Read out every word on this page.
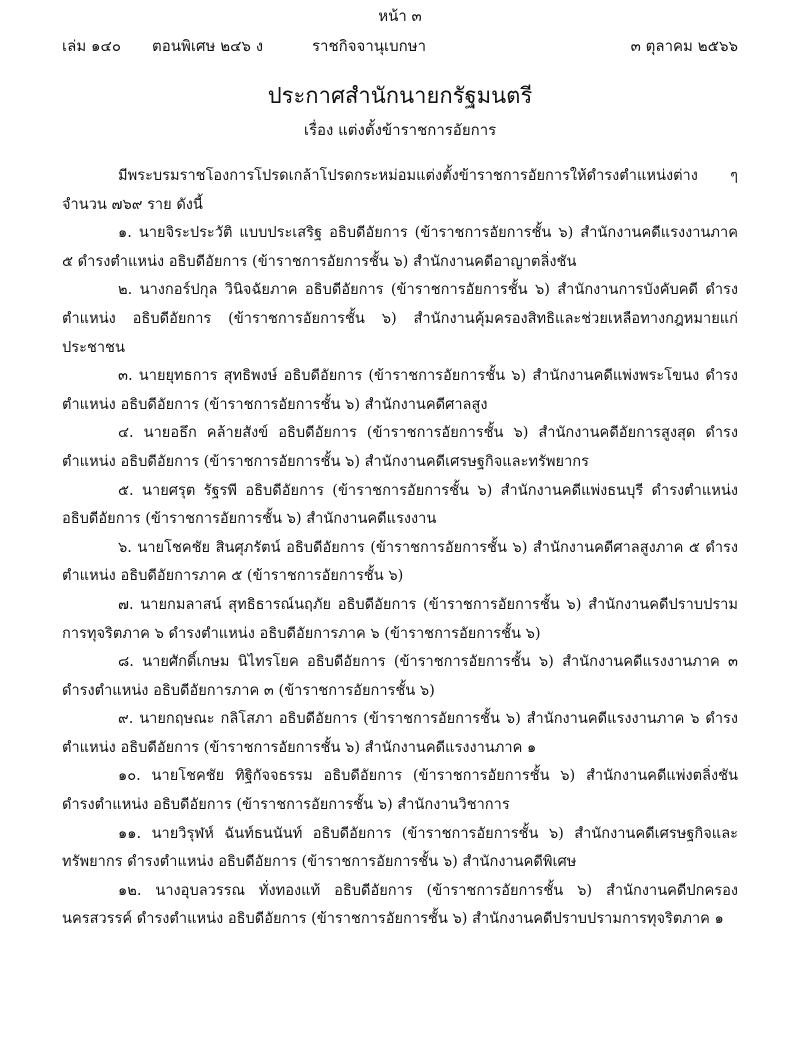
หน้า ๓
เล่ม ๑๔๐ ตอนพิเศษ ๒๔๖ ง	ราชกิจจานุเบกษา	๓ ตุลาคม ๒๕๖๖
ประกาศสำนักนายกรัฐมนตรี
เรื่อง แต่งตั้งข้าราชการอัยการ

มีพระบรมราชโองการโปรดเกล้าโปรดกระหม่อมแต่งตั้งข้าราชการอัยการให้ดำรงตำแหน่งต่าง ๆ จำนวน ๗๖๙ ราย ดังนี้

๑. นายจิระประวัติ แบบประเสริฐ อธิบดีอัยการ (ข้าราชการอัยการชั้น ๖) สำนักงานคดีแรงงานภาค ๕ ดำรงตำแหน่ง อธิบดีอัยการ (ข้าราชการอัยการชั้น ๖) สำนักงานคดีอาญาตลิ่งชัน

๒. นางกอร์ปกุล วินิจฉัยภาค อธิบดีอัยการ (ข้าราชการอัยการชั้น ๖) สำนักงานการบังคับคดี ดำรงตำแหน่ง อธิบดีอัยการ (ข้าราชการอัยการชั้น ๖) สำนักงานคุ้มครองสิทธิและช่วยเหลือทางกฎหมายแก่ประชาชน

๓. นายยุทธการ สุทธิพงษ์ อธิบดีอัยการ (ข้าราชการอัยการชั้น ๖) สำนักงานคดีแพ่งพระโขนง ดำรงตำแหน่ง อธิบดีอัยการ (ข้าราชการอัยการชั้น ๖) สำนักงานคดีศาลสูง

๔. นายอธึก คล้ายสังข์ อธิบดีอัยการ (ข้าราชการอัยการชั้น ๖) สำนักงานคดีอัยการสูงสุด ดำรงตำแหน่ง อธิบดีอัยการ (ข้าราชการอัยการชั้น ๖) สำนักงานคดีเศรษฐกิจและทรัพยากร

๕. นายศรุต รัฐรพี อธิบดีอัยการ (ข้าราชการอัยการชั้น ๖) สำนักงานคดีแพ่งธนบุรี ดำรงตำแหน่ง อธิบดีอัยการ (ข้าราชการอัยการชั้น ๖) สำนักงานคดีแรงงาน

๖. นายโชคชัย สินศุภรัตน์ อธิบดีอัยการ (ข้าราชการอัยการชั้น ๖) สำนักงานคดีศาลสูงภาค ๕ ดำรงตำแหน่ง อธิบดีอัยการภาค ๕ (ข้าราชการอัยการชั้น ๖)

๗. นายกมลาสน์ สุทธิธารณ์นฤภัย อธิบดีอัยการ (ข้าราชการอัยการชั้น ๖) สำนักงานคดีปราบปรามการทุจริตภาค ๖ ดำรงตำแหน่ง อธิบดีอัยการภาค ๖ (ข้าราชการอัยการชั้น ๖)

๘. นายศักดิ์เกษม นิไทรโยค อธิบดีอัยการ (ข้าราชการอัยการชั้น ๖) สำนักงานคดีแรงงานภาค ๓ ดำรงตำแหน่ง อธิบดีอัยการภาค ๓ (ข้าราชการอัยการชั้น ๖)

๙. นายกฤษณะ กลิโสภา อธิบดีอัยการ (ข้าราชการอัยการชั้น ๖) สำนักงานคดีแรงงานภาค ๖ ดำรงตำแหน่ง อธิบดีอัยการ (ข้าราชการอัยการชั้น ๖) สำนักงานคดีแรงงานภาค ๑

๑๐. นายโชคชัย ทิฐิกัจจธรรม อธิบดีอัยการ (ข้าราชการอัยการชั้น ๖) สำนักงานคดีแพ่งตลิ่งชัน ดำรงตำแหน่ง อธิบดีอัยการ (ข้าราชการอัยการชั้น ๖) สำนักงานวิชาการ

๑๑. นายวิรุฬห์ ฉันท์ธนนันท์ อธิบดีอัยการ (ข้าราชการอัยการชั้น ๖) สำนักงานคดีเศรษฐกิจและทรัพยากร ดำรงตำแหน่ง อธิบดีอัยการ (ข้าราชการอัยการชั้น ๖) สำนักงานคดีพิเศษ

๑๒. นางอุบลวรรณ ทั่งทองแท้ อธิบดีอัยการ (ข้าราชการอัยการชั้น ๖) สำนักงานคดีปกครองนครสวรรค์ ดำรงตำแหน่ง อธิบดีอัยการ (ข้าราชการอัยการชั้น ๖) สำนักงานคดีปราบปรามการทุจริตภาค ๑
